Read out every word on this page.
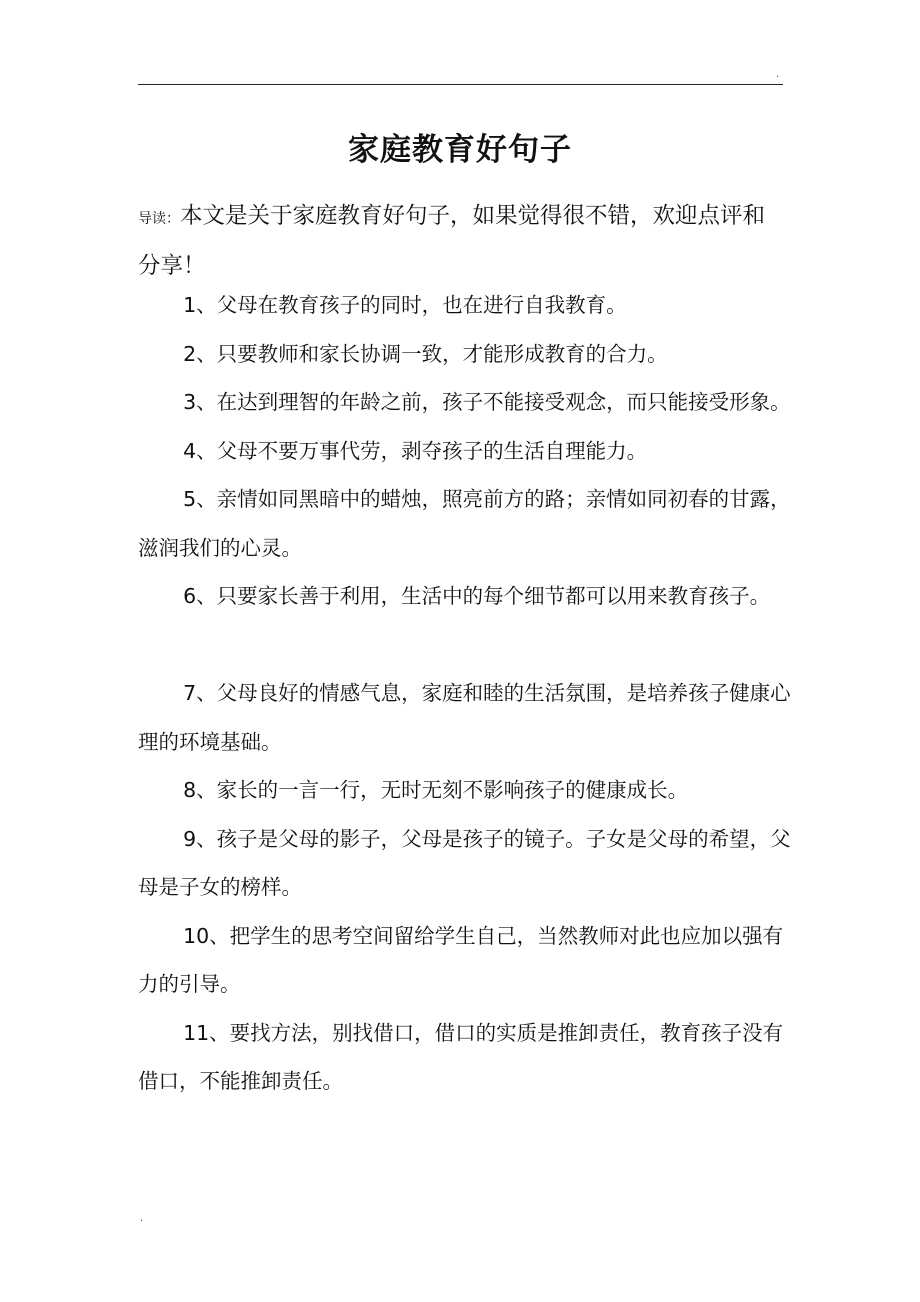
.
家庭教育好句子
导读：本文是关于家庭教育好句子，如果觉得很不错，欢迎点评和分享！

1、父母在教育孩子的同时，也在进行自我教育。

2、只要教师和家长协调一致，才能形成教育的合力。

3、在达到理智的年龄之前，孩子不能接受观念，而只能接受形象。

4、父母不要万事代劳，剥夺孩子的生活自理能力。

5、亲情如同黑暗中的蜡烛，照亮前方的路；亲情如同初春的甘露，滋润我们的心灵。

6、只要家长善于利用，生活中的每个细节都可以用来教育孩子。

7、父母良好的情感气息，家庭和睦的生活氛围，是培养孩子健康心理的环境基础。

8、家长的一言一行，无时无刻不影响孩子的健康成长。

9、孩子是父母的影子，父母是孩子的镜子。子女是父母的希望，父母是子女的榜样。

10、把学生的思考空间留给学生自己，当然教师对此也应加以强有力的引导。

11、要找方法，别找借口，借口的实质是推卸责任，教育孩子没有借口，不能推卸责任。

.
